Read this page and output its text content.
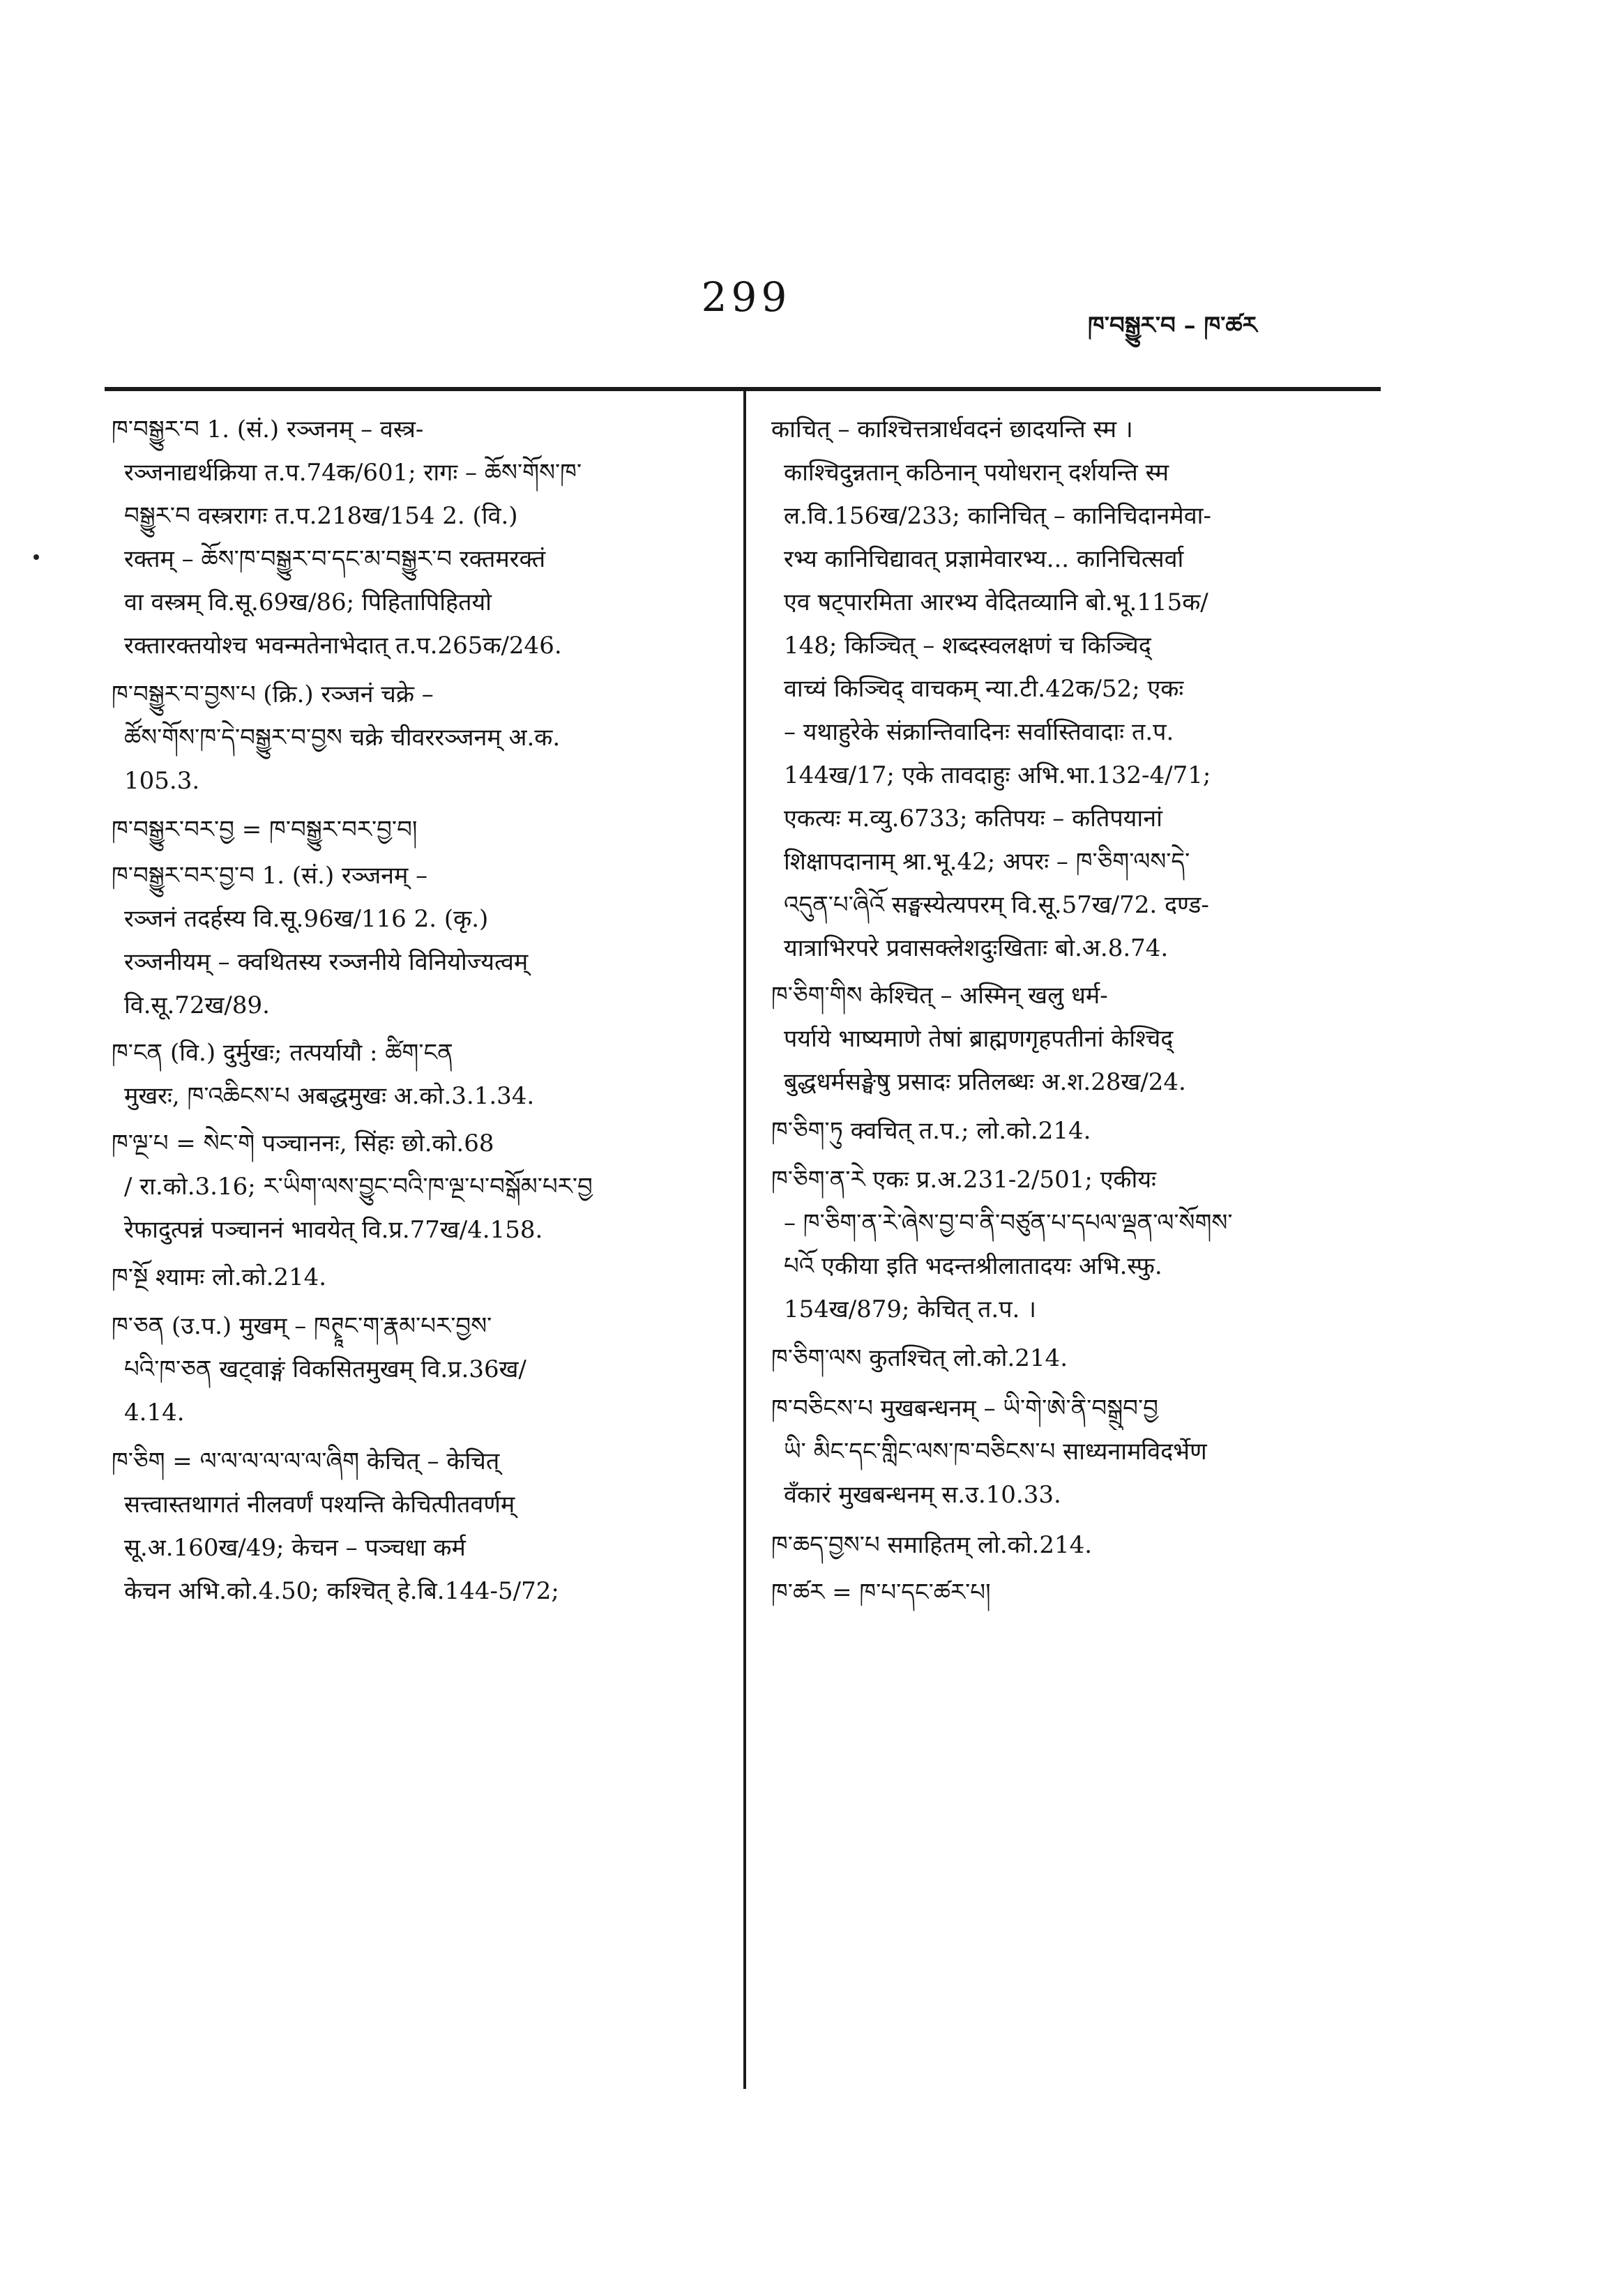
299
ཁ་བསྒྱུར་བ – ཁ་ཚར
ཁ་བསྒྱུར་བ 1. (सं.) रञ्जनम् – वस्त्र-
रञ्जनाद्यर्थक्रिया त.प.74क/601; रागः – ཆོས་གོས་ཁ་
བསྒྱུར་བ वस्त्ररागः त.प.218ख/154 2. (वि.)
रक्तम् – ཆོས་ཁ་བསྒྱུར་བ་དང་མ་བསྒྱུར་བ रक्तमरक्तं
वा वस्त्रम् वि.सू.69ख/86; पिहितापिहितयो
रक्तारक्तयोश्च भवन्मतेनाभेदात् त.प.265क/246.
ཁ་བསྒྱུར་བ་བྱས་པ (क्रि.) रञ्जनं चक्रे –
ཚོས་གོས་ཁ་དེ་བསྒྱུར་བ་བྱས चक्रे चीवररञ्जनम् अ.क.
105.3.
ཁ་བསྒྱུར་བར་བྱ = ཁ་བསྒྱུར་བར་བྱ་བ།
ཁ་བསྒྱུར་བར་བྱ་བ 1. (सं.) रञ्जनम् –
रञ्जनं तदर्हस्य वि.सू.96ख/116 2. (कृ.)
रञ्जनीयम् – क्वथितस्य रञ्जनीये विनियोज्यत्वम्
वि.सू.72ख/89.
ཁ་ངན (वि.) दुर्मुखः; तत्पर्यायौ : ཚིག་ངན
मुखरः, ཁ་འཆིངས་པ अबद्धमुखः अ.को.3.1.34.
ཁ་ལྔ་པ = སེང་གེ पञ्चाननः, सिंहः छो.को.68
/ रा.को.3.16; ར་ཡིག་ལས་བྱུང་བའི་ཁ་ལྔ་པ་བསྒོམ་པར་བྱ
रेफादुत्पन्नं पञ्चाननं भावयेत् वि.प्र.77ख/4.158.
ཁ་སྔོ श्यामः लो.को.214.
ཁ་ཅན (उ.प.) मुखम् – ཁཊྭཱང་ག་རྣམ་པར་བྱས་
པའི་ཁ་ཅན खट्वाङ्गं विकसितमुखम् वि.प्र.36ख/
4.14.
ཁ་ཅིག = ལ་ལ་ལ་ལ་ལ་ལ་ཞིག केचित् – केचित्
सत्त्वास्तथागतं नीलवर्णं पश्यन्ति केचित्पीतवर्णम्
सू.अ.160ख/49; केचन – पञ्चधा कर्म
केचन अभि.को.4.50; कश्चित् हे.बि.144-5/72;
काचित् – काश्चित्तत्रार्धवदनं छादयन्ति स्म ।
काश्चिदुन्नतान् कठिनान् पयोधरान् दर्शयन्ति स्म
ल.वि.156ख/233; कानिचित् – कानिचिदानमेवा-
रभ्य कानिचिद्यावत् प्रज्ञामेवारभ्य... कानिचित्सर्वा
एव षट्पारमिता आरभ्य वेदितव्यानि बो.भू.115क/
148; किञ्चित् – शब्दस्वलक्षणं च किञ्चिद्
वाच्यं किञ्चिद् वाचकम् न्या.टी.42क/52; एकः
– यथाहुरेके संक्रान्तिवादिनः सर्वास्तिवादाः त.प.
144ख/17; एके तावदाहुः अभि.भा.132-4/71;
एकत्यः म.व्यु.6733; कतिपयः – कतिपयानां
शिक्षापदानाम् श्रा.भू.42; अपरः – ཁ་ཅིག་ལས་དེ་
འདུན་པ་ཞིའོ सङ्घस्येत्यपरम् वि.सू.57ख/72. दण्ड-
यात्राभिरपरे प्रवासक्लेशदुःखिताः बो.अ.8.74.
ཁ་ཅིག་གིས केश्चित् – अस्मिन् खलु धर्म-
पर्याये भाष्यमाणे तेषां ब्राह्मणगृहपतीनां केश्चिद्
बुद्धधर्मसङ्घेषु प्रसादः प्रतिलब्धः अ.श.28ख/24.
ཁ་ཅིག་ཏུ क्वचित् त.प.; लो.को.214.
ཁ་ཅིག་ན་རེ एकः प्र.अ.231-2/501; एकीयः
– ཁ་ཅིག་ན་རེ་ཞེས་བྱ་བ་ནི་བཙུན་པ་དཔལ་ལྡན་ལ་སོགས་
པའོ एकीया इति भदन्तश्रीलातादयः अभि.स्फु.
154ख/879; केचित् त.प. ।
ཁ་ཅིག་ལས कुतश्चित् लो.को.214.
ཁ་བཅིངས་པ मुखबन्धनम् – ཡི་གེ་ཨེ་ནི་བསྒྲུབ་བྱ
ཡི་ མིང་དང་གླིང་ལས་ཁ་བཅིངས་པ साध्यनामविदर्भेण
वँकारं मुखबन्धनम् स.उ.10.33.
ཁ་ཆད་བྱས་པ समाहितम् लो.को.214.
ཁ་ཚར = ཁ་པ་དང་ཚར་པ།
